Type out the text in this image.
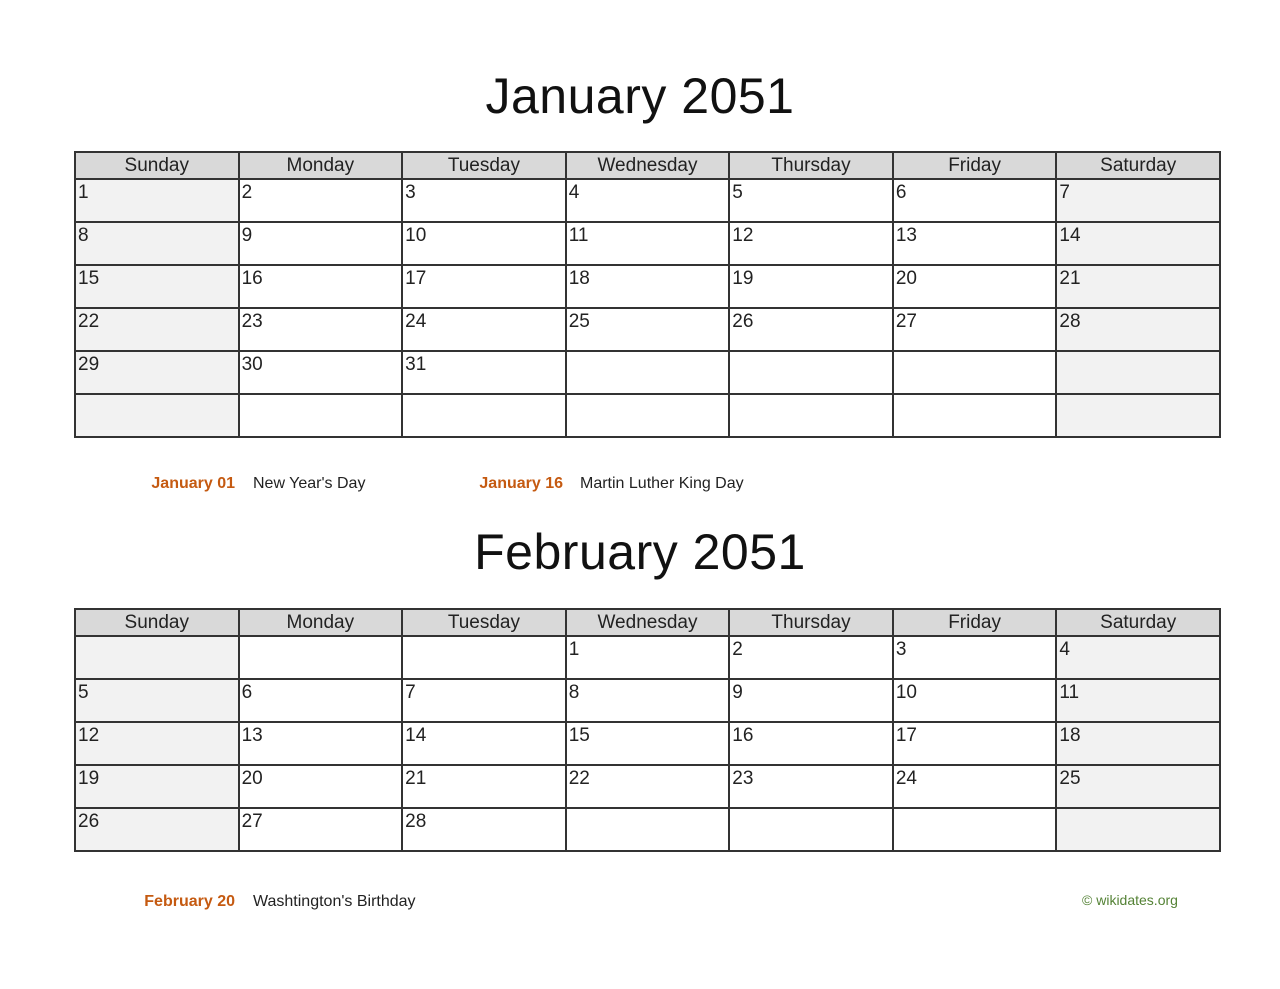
January 2051
Sunday	Monday	Tuesday	Wednesday	Thursday	Friday	Saturday
1	2	3	4	5	6	7
8	9	10	11	12	13	14
15	16	17	18	19	20	21
22	23	24	25	26	27	28
29	30	31				

January 01 New Year's Day	January 16 Martin Luther King Day
February 2051
Sunday	Monday	Tuesday	Wednesday	Thursday	Friday	Saturday
			1	2	3	4
5	6	7	8	9	10	11
12	13	14	15	16	17	18
19	20	21	22	23	24	25
26	27	28				
February 20 Washtington's Birthday	© wikidates.org
